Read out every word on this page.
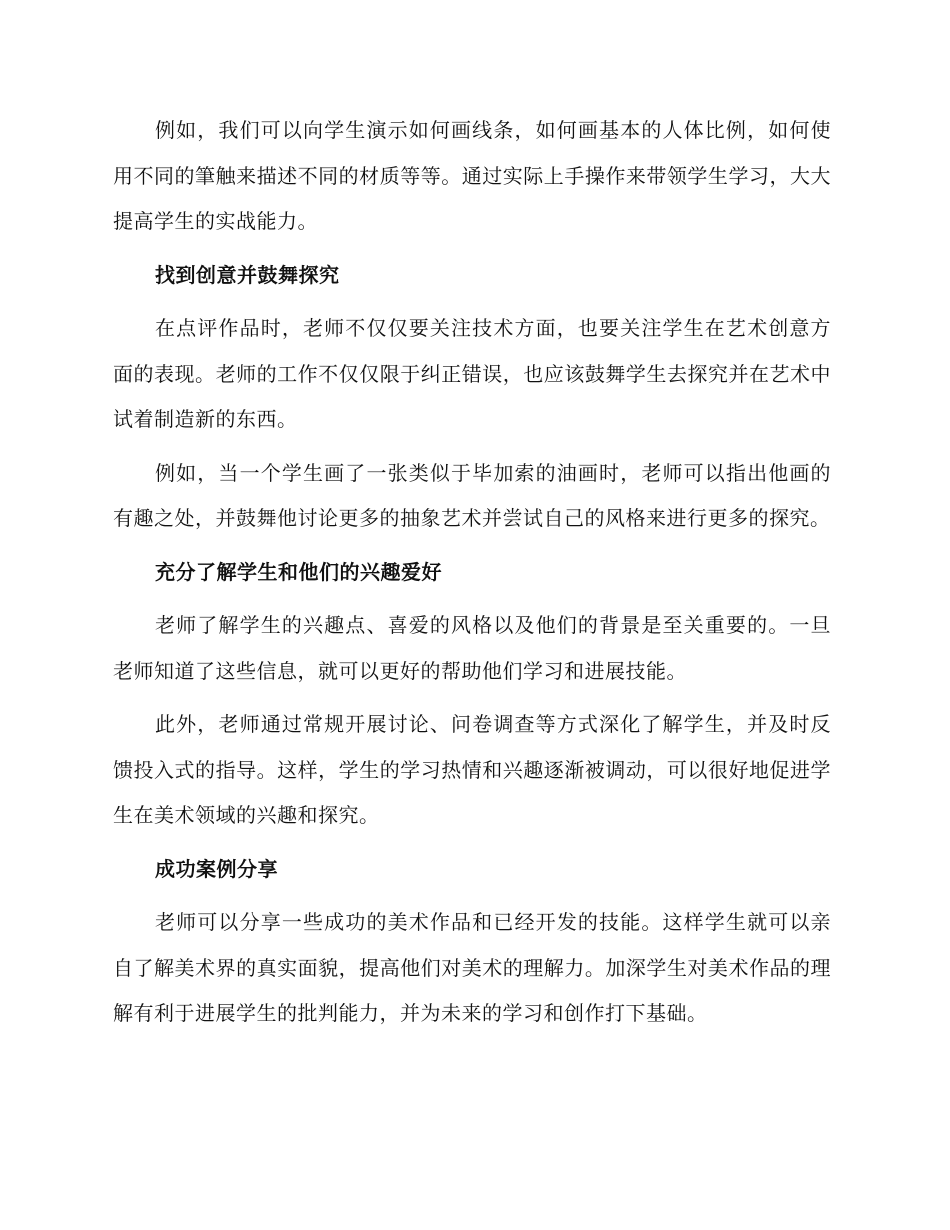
例如，我们可以向学生演示如何画线条，如何画基本的人体比例，如何使用不同的筆触来描述不同的材质等等。通过实际上手操作来带领学生学习，大大提高学生的实战能力。

找到创意并鼓舞探究

在点评作品时，老师不仅仅要关注技术方面，也要关注学生在艺术创意方面的表现。老师的工作不仅仅限于纠正错误，也应该鼓舞学生去探究并在艺术中试着制造新的东西。

例如，当一个学生画了一张类似于毕加索的油画时，老师可以指出他画的有趣之处，并鼓舞他讨论更多的抽象艺术并尝试自己的风格来进行更多的探究。

充分了解学生和他们的兴趣爱好

老师了解学生的兴趣点、喜爱的风格以及他们的背景是至关重要的。一旦老师知道了这些信息，就可以更好的帮助他们学习和进展技能。

此外，老师通过常规开展讨论、问卷调查等方式深化了解学生，并及时反馈投入式的指导。这样，学生的学习热情和兴趣逐渐被调动，可以很好地促进学生在美术领域的兴趣和探究。

成功案例分享

老师可以分享一些成功的美术作品和已经开发的技能。这样学生就可以亲自了解美术界的真实面貌，提高他们对美术的理解力。加深学生对美术作品的理解有利于进展学生的批判能力，并为未来的学习和创作打下基础。
